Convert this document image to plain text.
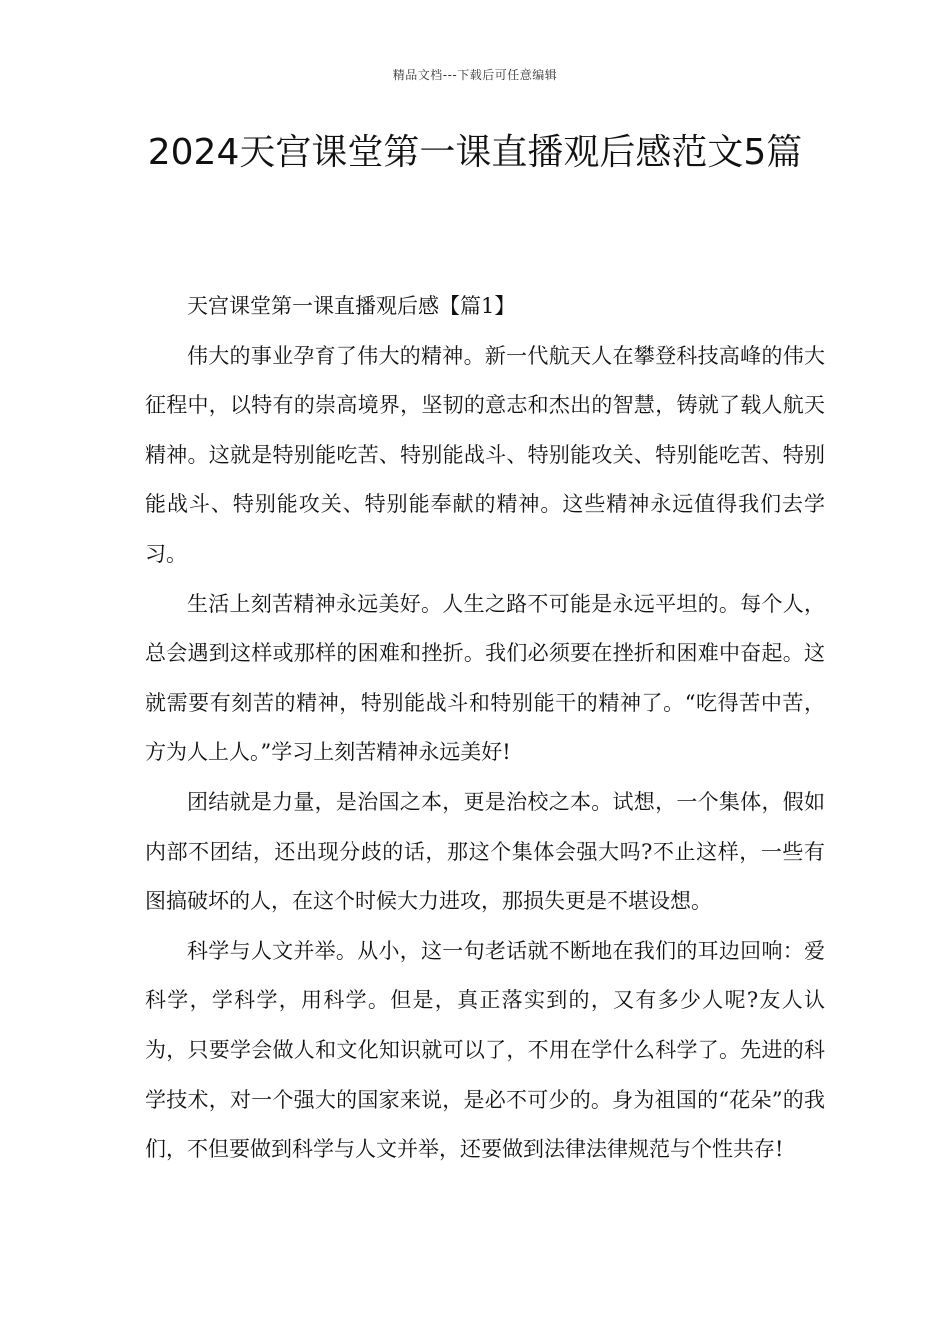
精品文档---下载后可任意编辑
2024天宫课堂第一课直播观后感范文5篇

天宫课堂第一课直播观后感【篇1】

伟大的事业孕育了伟大的精神。新一代航天人在攀登科技高峰的伟大征程中，以特有的崇高境界，坚韧的意志和杰出的智慧，铸就了载人航天精神。这就是特别能吃苦、特别能战斗、特别能攻关、特别能吃苦、特别能战斗、特别能攻关、特别能奉献的精神。这些精神永远值得我们去学习。

生活上刻苦精神永远美好。人生之路不可能是永远平坦的。每个人，总会遇到这样或那样的困难和挫折。我们必须要在挫折和困难中奋起。这就需要有刻苦的精神，特别能战斗和特别能干的精神了。“吃得苦中苦，方为人上人。”学习上刻苦精神永远美好!

团结就是力量，是治国之本，更是治校之本。试想，一个集体，假如内部不团结，还出现分歧的话，那这个集体会强大吗?不止这样，一些有图搞破坏的人，在这个时候大力进攻，那损失更是不堪设想。

科学与人文并举。从小，这一句老话就不断地在我们的耳边回响：爱科学，学科学，用科学。但是，真正落实到的，又有多少人呢?友人认为，只要学会做人和文化知识就可以了，不用在学什么科学了。先进的科学技术，对一个强大的国家来说，是必不可少的。身为祖国的“花朵”的我们，不但要做到科学与人文并举，还要做到法律法律规范与个性共存!
